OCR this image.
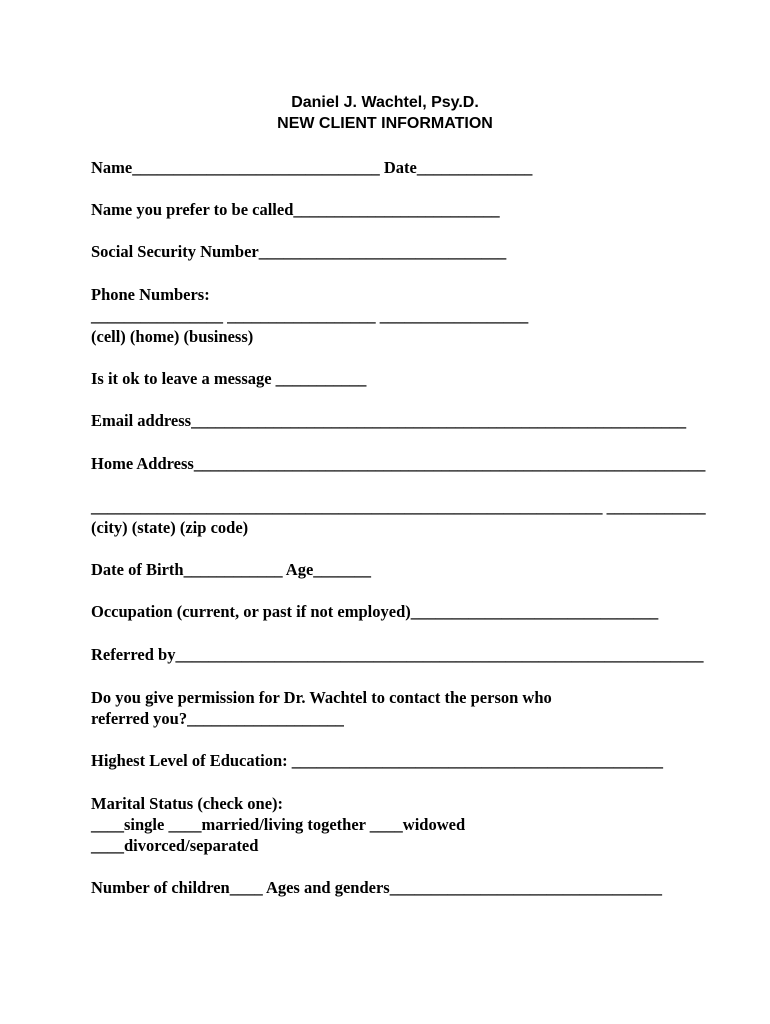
Daniel J. Wachtel, Psy.D.
NEW CLIENT INFORMATION
Name______________________________ Date______________
Name you prefer to be called_________________________
Social Security Number______________________________
Phone Numbers:
________________ __________________ __________________
(cell) (home) (business)
Is it ok to leave a message ___________
Email address____________________________________________________________
Home Address______________________________________________________________
______________________________________________________________ ____________
(city) (state) (zip code)
Date of Birth____________ Age_______
Occupation (current, or past if not employed)______________________________
Referred by________________________________________________________________
Do you give permission for Dr. Wachtel to contact the person who
referred you?___________________
Highest Level of Education: _____________________________________________
Marital Status (check one):
____single ____married/living together ____widowed
____divorced/separated
Number of children____ Ages and genders_________________________________
